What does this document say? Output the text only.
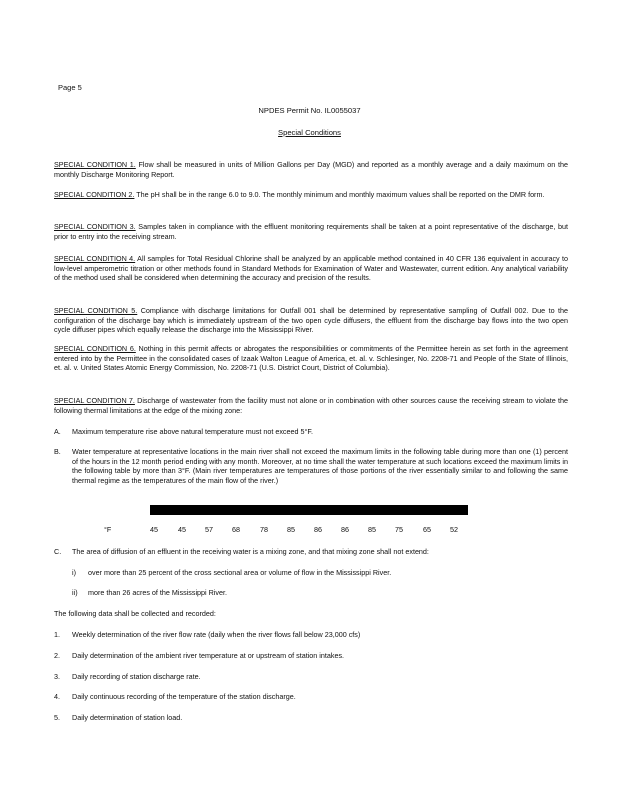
Page 5
NPDES Permit No. IL0055037
Special Conditions
SPECIAL CONDITION 1. Flow shall be measured in units of Million Gallons per Day (MGD) and reported as a monthly average and a daily maximum on the monthly Discharge Monitoring Report.
SPECIAL CONDITION 2. The pH shall be in the range 6.0 to 9.0. The monthly minimum and monthly maximum values shall be reported on the DMR form.
SPECIAL CONDITION 3. Samples taken in compliance with the effluent monitoring requirements shall be taken at a point representative of the discharge, but prior to entry into the receiving stream.
SPECIAL CONDITION 4. All samples for Total Residual Chlorine shall be analyzed by an applicable method contained in 40 CFR 136 equivalent in accuracy to low-level amperometric titration or other methods found in Standard Methods for Examination of Water and Wastewater, current edition. Any analytical variability of the method used shall be considered when determining the accuracy and precision of the results.
SPECIAL CONDITION 5. Compliance with discharge limitations for Outfall 001 shall be determined by representative sampling of Outfall 002. Due to the configuration of the discharge bay which is immediately upstream of the two open cycle diffusers, the effluent from the discharge bay flows into the two open cycle diffuser pipes which equally release the discharge into the Mississippi River.
SPECIAL CONDITION 6. Nothing in this permit affects or abrogates the responsibilities or commitments of the Permittee herein as set forth in the agreement entered into by the Permittee in the consolidated cases of Izaak Walton League of America, et. al. v. Schlesinger, No. 2208-71 and People of the State of Illinois, et. al. v. United States Atomic Energy Commission, No. 2208-71 (U.S. District Court, District of Columbia).
SPECIAL CONDITION 7. Discharge of wastewater from the facility must not alone or in combination with other sources cause the receiving stream to violate the following thermal limitations at the edge of the mixing zone:
A. Maximum temperature rise above natural temperature must not exceed 5°F.
B. Water temperature at representative locations in the main river shall not exceed the maximum limits in the following table during more than one (1) percent of the hours in the 12 month period ending with any month. Moreover, at no time shall the water temperature at such locations exceed the maximum limits in the following table by more than 3°F. (Main river temperatures are temperatures of those portions of the river essentially similar to and following the same thermal regime as the temperatures of the main flow of the river.)
°F	45	45	57	68	78	85	86	86	85	75	65	52
C. The area of diffusion of an effluent in the receiving water is a mixing zone, and that mixing zone shall not extend:
i) over more than 25 percent of the cross sectional area or volume of flow in the Mississippi River.
ii) more than 26 acres of the Mississippi River.
The following data shall be collected and recorded:
1. Weekly determination of the river flow rate (daily when the river flows fall below 23,000 cfs)
2. Daily determination of the ambient river temperature at or upstream of station intakes.
3. Daily recording of station discharge rate.
4. Daily continuous recording of the temperature of the station discharge.
5. Daily determination of station load.
